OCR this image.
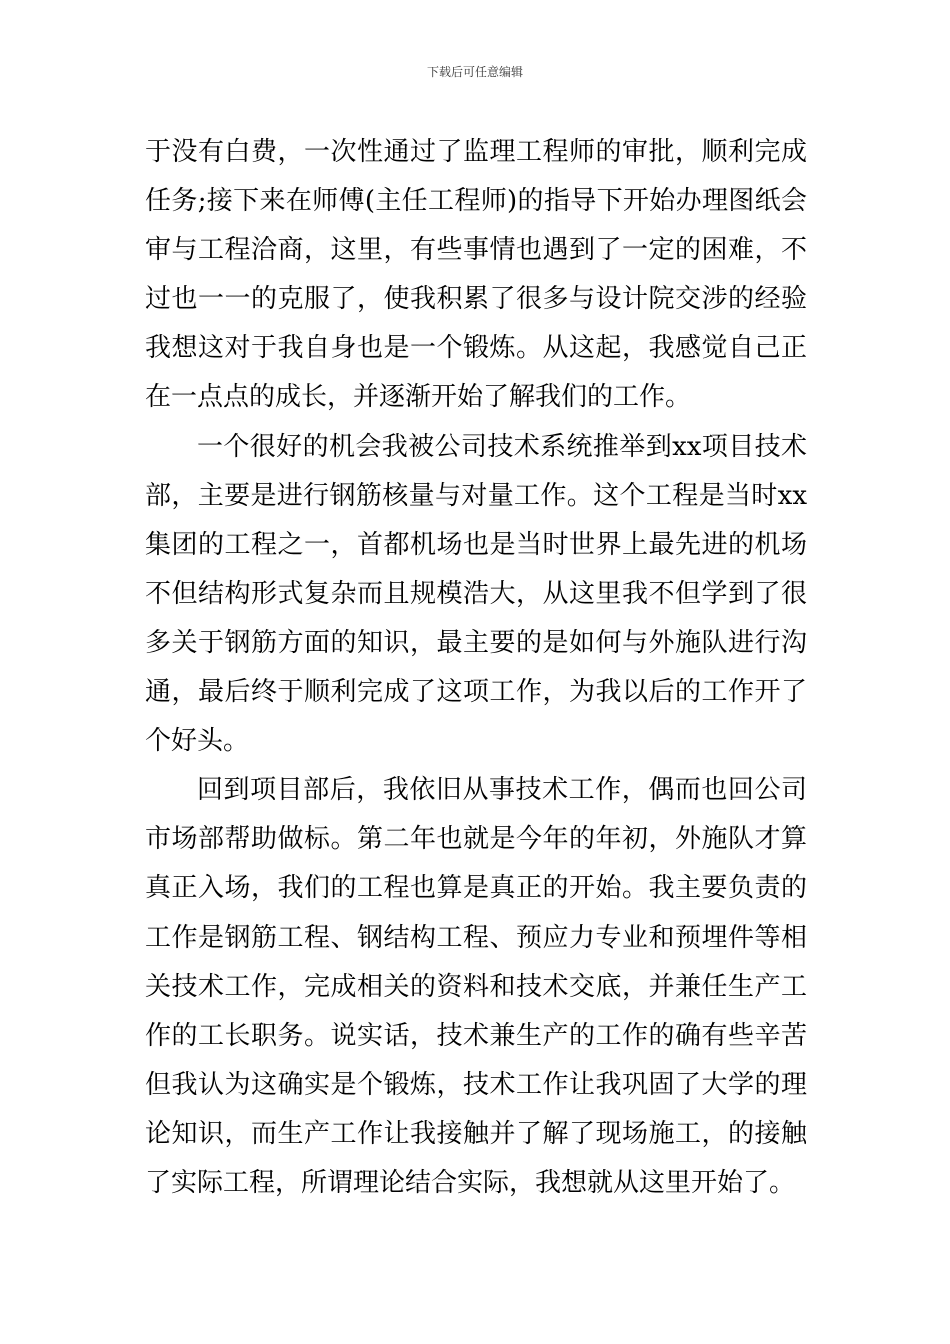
下载后可任意编辑
于没有白费，一次性通过了监理工程师的审批，顺利完成
任务;接下来在师傅(主任工程师)的指导下开始办理图纸会
审与工程洽商，这里，有些事情也遇到了一定的困难，不
过也一一的克服了，使我积累了很多与设计院交涉的经验
我想这对于我自身也是一个锻炼。从这起，我感觉自己正
在一点点的成长，并逐渐开始了解我们的工作。
一个很好的机会我被公司技术系统推举到xx项目技术
部，主要是进行钢筋核量与对量工作。这个工程是当时xx
集团的工程之一，首都机场也是当时世界上最先进的机场
不但结构形式复杂而且规模浩大，从这里我不但学到了很
多关于钢筋方面的知识，最主要的是如何与外施队进行沟
通，最后终于顺利完成了这项工作，为我以后的工作开了
个好头。
回到项目部后，我依旧从事技术工作，偶而也回公司
市场部帮助做标。第二年也就是今年的年初，外施队才算
真正入场，我们的工程也算是真正的开始。我主要负责的
工作是钢筋工程、钢结构工程、预应力专业和预埋件等相
关技术工作，完成相关的资料和技术交底，并兼任生产工
作的工长职务。说实话，技术兼生产的工作的确有些辛苦
但我认为这确实是个锻炼，技术工作让我巩固了大学的理
论知识，而生产工作让我接触并了解了现场施工，的接触
了实际工程，所谓理论结合实际，我想就从这里开始了。
